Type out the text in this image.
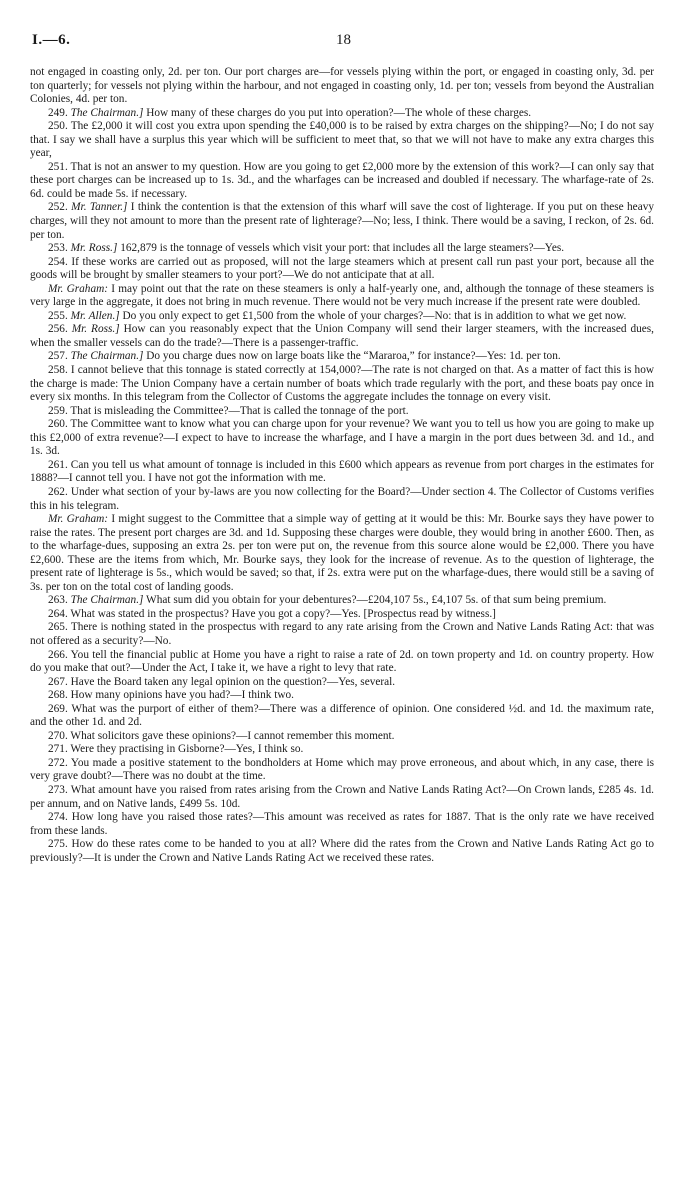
I.—6.	18

not engaged in coasting only, 2d. per ton. Our port charges are—for vessels plying within the port, or engaged in coasting only, 3d. per ton quarterly; for vessels not plying within the harbour, and not engaged in coasting only, 1d. per ton; vessels from beyond the Australian Colonies, 4d. per ton.

249. The Chairman.] How many of these charges do you put into operation?—The whole of these charges.

250. The £2,000 it will cost you extra upon spending the £40,000 is to be raised by extra charges on the shipping?—No; I do not say that. I say we shall have a surplus this year which will be sufficient to meet that, so that we will not have to make any extra charges this year,

251. That is not an answer to my question. How are you going to get £2,000 more by the extension of this work?—I can only say that these port charges can be increased up to 1s. 3d., and the wharfages can be increased and doubled if necessary. The wharfage-rate of 2s. 6d. could be made 5s. if necessary.

252. Mr. Tanner.] I think the contention is that the extension of this wharf will save the cost of lighterage. If you put on these heavy charges, will they not amount to more than the present rate of lighterage?—No; less, I think. There would be a saving, I reckon, of 2s. 6d. per ton.

253. Mr. Ross.] 162,879 is the tonnage of vessels which visit your port: that includes all the large steamers?—Yes.

254. If these works are carried out as proposed, will not the large steamers which at present call run past your port, because all the goods will be brought by smaller steamers to your port?—We do not anticipate that at all.

Mr. Graham: I may point out that the rate on these steamers is only a half-yearly one, and, although the tonnage of these steamers is very large in the aggregate, it does not bring in much revenue. There would not be very much increase if the present rate were doubled.

255. Mr. Allen.] Do you only expect to get £1,500 from the whole of your charges?—No: that is in addition to what we get now.

256. Mr. Ross.] How can you reasonably expect that the Union Company will send their larger steamers, with the increased dues, when the smaller vessels can do the trade?—There is a passenger-traffic.

257. The Chairman.] Do you charge dues now on large boats like the “Mararoa,” for instance?—Yes: 1d. per ton.

258. I cannot believe that this tonnage is stated correctly at 154,000?—The rate is not charged on that. As a matter of fact this is how the charge is made: The Union Company have a certain number of boats which trade regularly with the port, and these boats pay once in every six months. In this telegram from the Collector of Customs the aggregate includes the tonnage on every visit.

259. That is misleading the Committee?—That is called the tonnage of the port.

260. The Committee want to know what you can charge upon for your revenue? We want you to tell us how you are going to make up this £2,000 of extra revenue?—I expect to have to increase the wharfage, and I have a margin in the port dues between 3d. and 1d., and 1s. 3d.

261. Can you tell us what amount of tonnage is included in this £600 which appears as revenue from port charges in the estimates for 1888?—I cannot tell you. I have not got the information with me.

262. Under what section of your by-laws are you now collecting for the Board?—Under section 4. The Collector of Customs verifies this in his telegram.

Mr. Graham: I might suggest to the Committee that a simple way of getting at it would be this: Mr. Bourke says they have power to raise the rates. The present port charges are 3d. and 1d. Supposing these charges were double, they would bring in another £600. Then, as to the wharfage-dues, supposing an extra 2s. per ton were put on, the revenue from this source alone would be £2,000. There you have £2,600. These are the items from which, Mr. Bourke says, they look for the increase of revenue. As to the question of lighterage, the present rate of lighterage is 5s., which would be saved; so that, if 2s. extra were put on the wharfage-dues, there would still be a saving of 3s. per ton on the total cost of landing goods.

263. The Chairman.] What sum did you obtain for your debentures?—£204,107 5s., £4,107 5s. of that sum being premium.

264. What was stated in the prospectus? Have you got a copy?—Yes. [Prospectus read by witness.]

265. There is nothing stated in the prospectus with regard to any rate arising from the Crown and Native Lands Rating Act: that was not offered as a security?—No.

266. You tell the financial public at Home you have a right to raise a rate of 2d. on town property and 1d. on country property. How do you make that out?—Under the Act, I take it, we have a right to levy that rate.

267. Have the Board taken any legal opinion on the question?—Yes, several.

268. How many opinions have you had?—I think two.

269. What was the purport of either of them?—There was a difference of opinion. One considered ½d. and 1d. the maximum rate, and the other 1d. and 2d.

270. What solicitors gave these opinions?—I cannot remember this moment.

271. Were they practising in Gisborne?—Yes, I think so.

272. You made a positive statement to the bondholders at Home which may prove erroneous, and about which, in any case, there is very grave doubt?—There was no doubt at the time.

273. What amount have you raised from rates arising from the Crown and Native Lands Rating Act?—On Crown lands, £285 4s. 1d. per annum, and on Native lands, £499 5s. 10d.

274. How long have you raised those rates?—This amount was received as rates for 1887. That is the only rate we have received from these lands.

275. How do these rates come to be handed to you at all? Where did the rates from the Crown and Native Lands Rating Act go to previously?—It is under the Crown and Native Lands Rating Act we received these rates.
